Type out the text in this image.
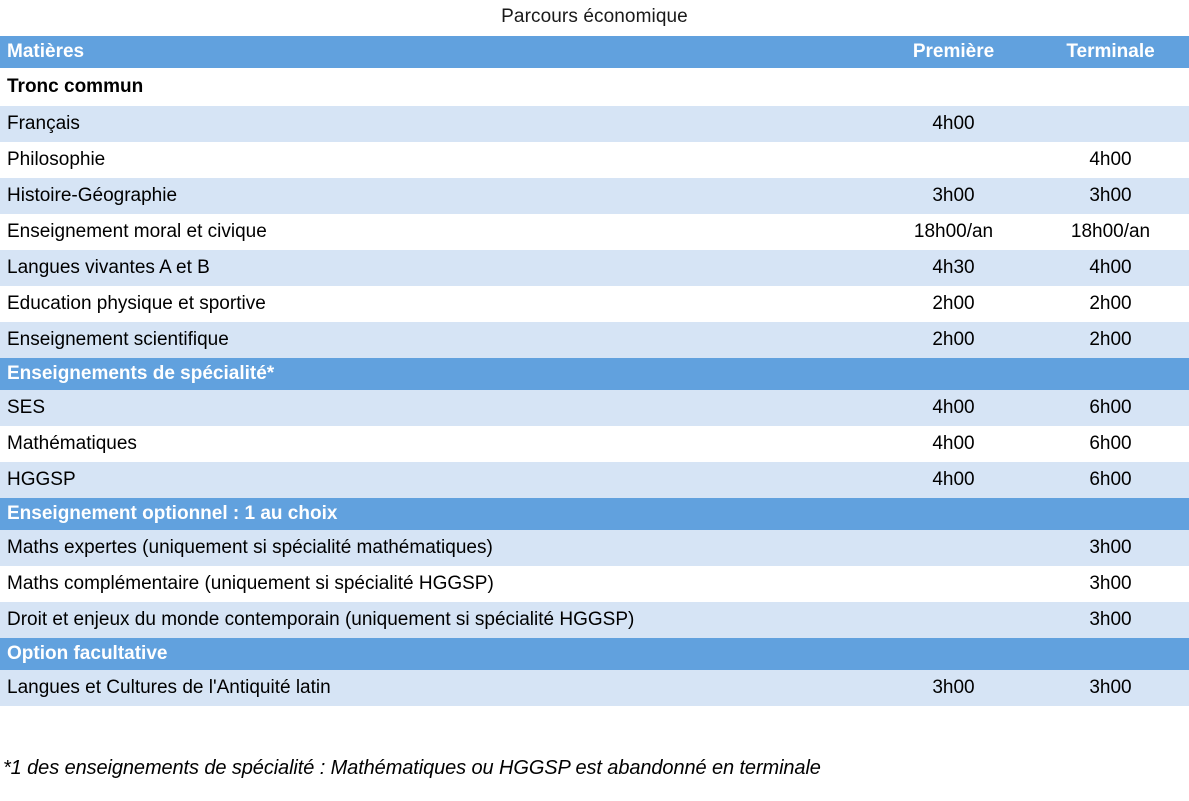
Parcours économique
Matières	Première	Terminale
Tronc commun		
Français	4h00	
Philosophie		4h00
Histoire-Géographie	3h00	3h00
Enseignement moral et civique	18h00/an	18h00/an
Langues vivantes A et B	4h30	4h00
Education physique et sportive	2h00	2h00
Enseignement scientifique	2h00	2h00
Enseignements de spécialité*		
SES	4h00	6h00
Mathématiques	4h00	6h00
HGGSP	4h00	6h00
Enseignement optionnel : 1 au choix		
Maths expertes (uniquement si spécialité mathématiques)		3h00
Maths complémentaire (uniquement si spécialité HGGSP)		3h00
Droit et enjeux du monde contemporain (uniquement si spécialité HGGSP)		3h00
Option facultative		
Langues et Cultures de l'Antiquité latin	3h00	3h00
*1 des enseignements de spécialité : Mathématiques ou HGGSP est abandonné en terminale
